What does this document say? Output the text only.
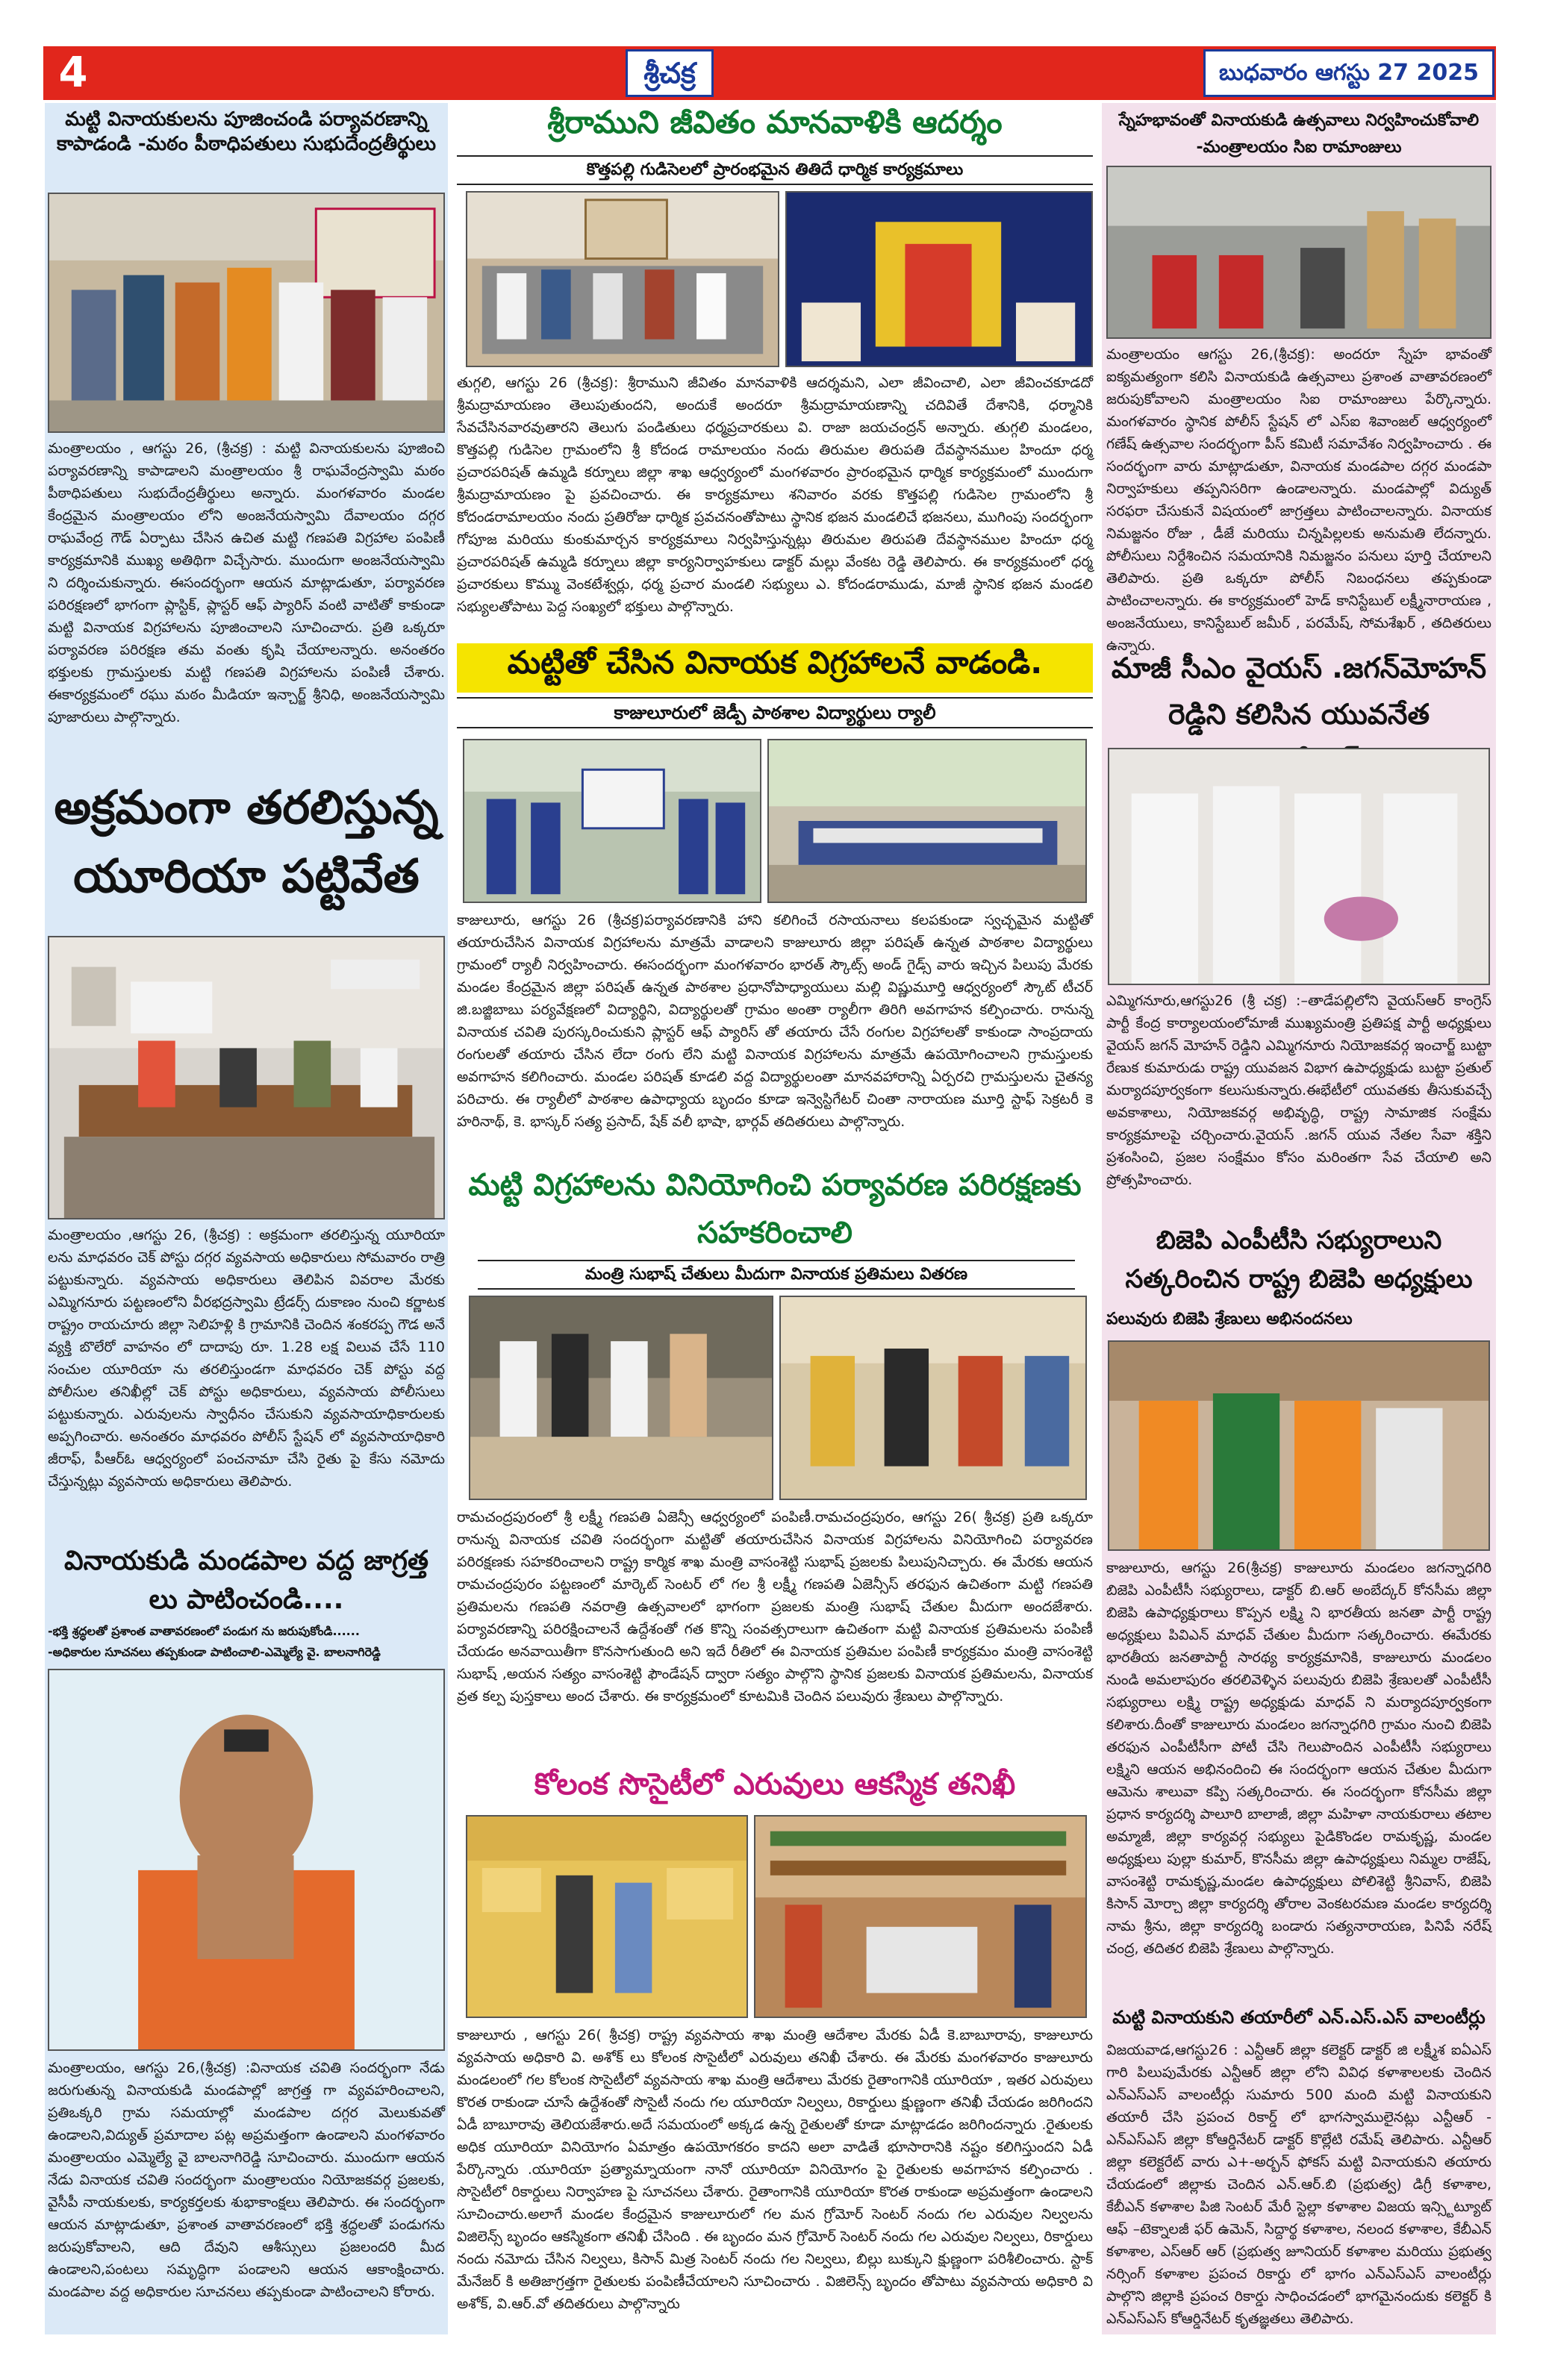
4	శ్రీచక్ర	బుధవారం ఆగస్టు 27 2025
మట్టి వినాయకులను పూజించండి పర్యావరణాన్ని కాపాడండి -మఠం పీఠాధిపతులు సుభుదేంద్రతీర్థులు
మంత్రాలయం , ఆగస్టు 26, (శ్రీచక్ర) : మట్టి వినాయకులను పూజించి పర్యావరణాన్ని కాపాడాలని మంత్రాలయం శ్రీ రాఘవేంద్రస్వామి మఠం పీఠాధిపతులు సుభుదేంద్రతీర్థులు అన్నారు. మంగళవారం మండల కేంద్రమైన మంత్రాలయం లోని అంజనేయస్వామి దేవాలయం దగ్గర రాఘవేంద్ర గౌడ్ ఏర్పాటు చేసిన ఉచిత మట్టి గణపతి విగ్రహాల పంపిణీ కార్యక్రమానికి ముఖ్య అతిథిగా విచ్చేసారు. ముందుగా అంజనేయస్వామి ని దర్శించుకున్నారు. ఈసందర్భంగా ఆయన మాట్లాడుతూ, పర్యావరణ పరిరక్షణలో భాగంగా ప్లాస్టిక్, ప్లాస్టర్ ఆఫ్ ప్యారిస్ వంటి వాటితో కాకుండా మట్టి వినాయక విగ్రహాలను పూజించాలని సూచించారు. ప్రతి ఒక్కరూ పర్యావరణ పరిరక్షణ తమ వంతు కృషి చేయాలన్నారు. అనంతరం భక్తులకు గ్రామస్తులకు మట్టి గణపతి విగ్రహాలను పంపిణీ చేశారు. ఈకార్యక్రమంలో రఘు మఠం మీడియా ఇన్చార్జ్ శ్రీనిధి, అంజనేయస్వామి పూజారులు పాల్గొన్నారు.
అక్రమంగా తరలిస్తున్న యూరియా పట్టివేత
మంత్రాలయం ,ఆగస్టు 26, (శ్రీచక్ర) : అక్రమంగా తరలిస్తున్న యూరియా లను మాధవరం చెక్ పోస్టు దగ్గర వ్యవసాయ అధికారులు సోమవారం రాత్రి పట్టుకున్నారు. వ్యవసాయ అధికారులు తెలిపిన వివరాల మేరకు ఎమ్మిగనూరు పట్టణంలోని వీరభద్రస్వామి ట్రేడర్స్ దుకాణం నుంచి కర్ణాటక రాష్ట్రం రాయచూరు జిల్లా సెలిహళ్లి కి గ్రామానికి చెందిన శంకరప్ప గౌడ అనే వ్యక్తి బొలేరో వాహనం లో దాదాపు రూ. 1.28 లక్ష విలువ చేసే 110 సంచుల యూరియా ను తరలిస్తుండగా మాధవరం చెక్ పోస్టు వద్ద పోలీసుల తనిఖీల్లో చెక్ పోస్టు అధికారులు, వ్యవసాయ పోలీసులు పట్టుకున్నారు. ఎరువులను స్వాధీనం చేసుకుని వ్యవసాయాధికారులకు అప్పగించారు. అనంతరం మాధవరం పోలీస్ స్టేషన్ లో వ్యవసాయాధికారి జీరాఫ్, పీఆర్ఓ ఆధ్వర్యంలో పంచనామా చేసి రైతు పై కేసు నమోదు చేస్తున్నట్లు వ్యవసాయ అధికారులు తెలిపారు.
వినాయకుడి మండపాల వద్ద జాగ్రత్త లు పాటించండి....
-భక్తి శ్రద్ధలతో ప్రశాంత వాతావరణంలో పండుగ ను జరుపుకోండి......
-అధికారుల సూచనలు తప్పకుండా పాటించాలి-ఎమ్మెల్యే వై. బాలనాగిరెడ్డి
మంత్రాలయం, ఆగస్టు 26,(శ్రీచక్ర) :వినాయక చవితి సందర్భంగా నేడు జరుగుతున్న వినాయకుడి మండపాల్లో జాగ్రత్త గా వ్యవహరించాలని, ప్రతిఒక్కరి గ్రామ సమయాల్లో మండపాల దగ్గర మెలుకువతో ఉండాలని,విద్యుత్ ప్రమాదాల పట్ల అప్రమత్తంగా ఉండాలని మంగళవారం మంత్రాలయం ఎమ్మెల్యే వై బాలనాగిరెడ్డి సూచించారు. ముందుగా ఆయన నేడు వినాయక చవితి సందర్భంగా మంత్రాలయం నియోజకవర్గ ప్రజలకు, వైసీపీ నాయకులకు, కార్యకర్తలకు శుభాకాంక్షలు తెలిపారు. ఈ సందర్భంగా ఆయన మాట్లాడుతూ, ప్రశాంత వాతావరణంలో భక్తి శ్రద్ధలతో పండుగను జరుపుకోవాలని, ఆది దేవుని ఆశీస్సులు ప్రజలందరి మీద ఉండాలని,పంటలు సమృద్ధిగా పండాలని ఆయన ఆకాంక్షించారు. మండపాల వద్ద అధికారుల సూచనలు తప్పకుండా పాటించాలని కోరారు.
శ్రీరాముని జీవితం మానవాళికి ఆదర్శం
కొత్తపల్లి గుడిసెలలో ప్రారంభమైన తితిదే ధార్మిక కార్యక్రమాలు
తుగ్గలి, ఆగస్టు 26 (శ్రీచక్ర): శ్రీరాముని జీవితం మానవాళికి ఆదర్శమని, ఎలా జీవించాలి, ఎలా జీవించకూడదో శ్రీమద్రామాయణం తెలుపుతుందని, అందుకే అందరూ శ్రీమద్రామాయణాన్ని చదివితే దేశానికి, ధర్మానికి సేవచేసినవారవుతారని తెలుగు పండితులు ధర్మప్రచారకులు వి. రాజా జయచంద్రన్ అన్నారు. తుగ్గలి మండలం, కొత్తపల్లి గుడిసెల గ్రామంలోని శ్రీ కోదండ రామాలయం నందు తిరుమల తిరుపతి దేవస్థానముల హిందూ ధర్మ ప్రచారపరిషత్ ఉమ్మడి కర్నూలు జిల్లా శాఖ ఆధ్వర్యంలో మంగళవారం ప్రారంభమైన ధార్మిక కార్యక్రమంలో ముందుగా శ్రీమద్రామాయణం పై ప్రవచించారు. ఈ కార్యక్రమాలు శనివారం వరకు కొత్తపల్లి గుడిసెల గ్రామంలోని శ్రీ కోదండరామాలయం నందు ప్రతిరోజు ధార్మిక ప్రవచనంతోపాటు స్థానిక భజన మండలిచే భజనలు, ముగింపు సందర్భంగా గోపూజ మరియు కుంకుమార్చన కార్యక్రమాలు నిర్వహిస్తున్నట్లు తిరుమల తిరుపతి దేవస్థానముల హిందూ ధర్మ ప్రచారపరిషత్ ఉమ్మడి కర్నూలు జిల్లా కార్యనిర్వాహకులు డాక్టర్ మల్లు వేంకట రెడ్డి తెలిపారు. ఈ కార్యక్రమంలో ధర్మ ప్రచారకులు కొమ్ము వెంకటేశ్వర్లు, ధర్మ ప్రచార మండలి సభ్యులు ఎ. కోదండరాముడు, మాజీ స్థానిక భజన మండలి సభ్యులతోపాటు పెద్ద సంఖ్యలో భక్తులు పాల్గొన్నారు.
మట్టితో చేసిన వినాయక విగ్రహాలనే వాడండి.
కాజులూరులో జెడ్పీ పాఠశాల విద్యార్థులు ర్యాలీ
కాజులూరు, ఆగస్టు 26 (శ్రీచక్ర)పర్యావరణానికి హాని కలిగించే రసాయనాలు కలపకుండా స్వచ్ఛమైన మట్టితో తయారుచేసిన వినాయక విగ్రహాలను మాత్రమే వాడాలని కాజులూరు జిల్లా పరిషత్ ఉన్నత పాఠశాల విద్యార్థులు గ్రామంలో ర్యాలీ నిర్వహించారు. ఈసందర్భంగా మంగళవారం భారత్ స్కౌట్స్ అండ్ గైడ్స్ వారు ఇచ్చిన పిలుపు మేరకు మండల కేంద్రమైన జిల్లా పరిషత్ ఉన్నత పాఠశాల ప్రధానోపాధ్యాయులు మల్లి విష్ణుమూర్తి ఆధ్వర్యంలో స్కౌట్ టీచర్ జి.బజ్జిబాబు పర్యవేక్షణలో విద్యార్థిని, విద్యార్థులతో గ్రామం అంతా ర్యాలీగా తిరిగి అవగాహన కల్పించారు. రానున్న వినాయక చవితి పురస్కరించుకుని ప్లాస్టర్ ఆఫ్ ప్యారిస్ తో తయారు చేసే రంగుల విగ్రహాలతో కాకుండా సాంప్రదాయ రంగులతో తయారు చేసిన లేదా రంగు లేని మట్టి వినాయక విగ్రహాలను మాత్రమే ఉపయోగించాలని గ్రామస్తులకు అవగాహన కలిగించారు. మండల పరిషత్ కూడలి వద్ద విద్యార్థులంతా మానవహారాన్ని ఏర్పరచి గ్రామస్తులను చైతన్య పరిచారు. ఈ ర్యాలీలో పాఠశాల ఉపాధ్యాయ బృందం కూడా ఇన్వెస్టిగేటర్ చింతా నారాయణ మూర్తి స్టాఫ్ సెక్రటరీ కె హరినాథ్, కె. భాస్కర్ సత్య ప్రసాద్, షేక్ వలీ భాషా, భార్గవ్ తదితరులు పాల్గొన్నారు.
మట్టి విగ్రహాలను వినియోగించి పర్యావరణ పరిరక్షణకు సహకరించాలి
మంత్రి సుభాష్ చేతులు మీదుగా వినాయక ప్రతిమలు వితరణ
రామచంద్రపురంలో శ్రీ లక్ష్మీ గణపతి ఏజెన్సీ ఆధ్వర్యంలో పంపిణీ.రామచంద్రపురం, ఆగస్టు 26( శ్రీచక్ర) ప్రతి ఒక్కరూ రానున్న వినాయక చవితి సందర్భంగా మట్టితో తయారుచేసిన వినాయక విగ్రహాలను వినియోగించి పర్యావరణ పరిరక్షణకు సహకరించాలని రాష్ట్ర కార్మిక శాఖ మంత్రి వాసంశెట్టి సుభాష్ ప్రజలకు పిలుపునిచ్చారు. ఈ మేరకు ఆయన రామచంద్రపురం పట్టణంలో మార్కెట్ సెంటర్ లో గల శ్రీ లక్ష్మీ గణపతి ఏజెన్సీస్ తరఫున ఉచితంగా మట్టి గణపతి ప్రతిమలను గణపతి నవరాత్రి ఉత్సవాలలో భాగంగా ప్రజలకు మంత్రి సుభాష్ చేతుల మీదుగా అందజేశారు. పర్యావరణాన్ని పరిరక్షించాలనే ఉద్దేశంతో గత కొన్ని సంవత్సరాలుగా ఉచితంగా మట్టి వినాయక ప్రతిమలను పంపిణీ చేయడం అనవాయితీగా కొనసాగుతుంది అని ఇదే రీతిలో ఈ వినాయక ప్రతిమల పంపిణీ కార్యక్రమం మంత్రి వాసంశెట్టి సుభాష్ ,అయన సత్యం వాసంశెట్టి ఫౌండేషన్ ద్వారా సత్యం పాల్గొని స్థానిక ప్రజలకు వినాయక ప్రతిమలను, వినాయక వ్రత కల్ప పుస్తకాలు అంద చేశారు. ఈ కార్యక్రమంలో కూటమికి చెందిన పలువురు శ్రేణులు పాల్గొన్నారు.
కోలంక సొసైటీలో ఎరువులు ఆకస్మిక తనిఖీ
కాజులూరు , ఆగస్టు 26( శ్రీచక్ర) రాష్ట్ర వ్యవసాయ శాఖ మంత్రి ఆదేశాల మేరకు ఏడీ కె.బాబూరావు, కాజులూరు వ్యవసాయ అధికారి వి. అశోక్ లు కోలంక సొసైటీలో ఎరువులు తనిఖీ చేశారు. ఈ మేరకు మంగళవారం కాజులూరు మండలంలో గల కోలంక సొసైటీలో వ్యవసాయ శాఖ మంత్రి ఆదేశాలు మేరకు రైతాంగానికి యూరియా , ఇతర ఎరువులు కొరత రాకుండా చూసే ఉద్దేశంతో సొసైటీ నందు గల యూరియా నిల్వలు, రికార్డులు క్షుణ్ణంగా తనిఖీ చేయడం జరిగిందని ఏడీ బాబూరావు తెలియజేశారు.అదే సమయంలో అక్కడ ఉన్న రైతులతో కూడా మాట్లాడడం జరిగిందన్నారు .రైతులకు అధిక యూరియా వినియోగం ఏమాత్రం ఉపయోగకరం కాదని అలా వాడితే భూసారానికి నష్టం కలిగిస్తుందని ఏడీ పేర్కొన్నారు .యూరియా ప్రత్యామ్నాయంగా నానో యూరియా వినియోగం పై రైతులకు అవగాహన కల్పించారు . సొసైటీలో రికార్డులు నిర్వాహణ పై సూచనలు చేశారు. రైతాంగానికి యూరియా కొరత రాకుండా అప్రమత్తంగా ఉండాలని సూచించారు.అలాగే మండల కేంద్రమైన కాజులూరులో గల మన గ్రోమోర్ సెంటర్ నందు గల ఎరువుల నిల్వలను విజిలెన్స్ బృందం ఆకస్మికంగా తనిఖీ చేసింది . ఈ బృందం మన గ్రోమోర్ సెంటర్ నందు గల ఎరువుల నిల్వలు, రికార్డులు నందు నమోదు చేసిన నిల్వలు, కిసాన్ మిత్ర సెంటర్ నందు గల నిల్వలు, బిల్లు బుక్కుని క్షుణ్ణంగా పరిశీలించారు. స్టాక్ మేనేజర్ కి అతిజాగ్రత్తగా రైతులకు పంపిణీచేయాలని సూచించారు . విజిలెన్స్ బృందం తోపాటు వ్యవసాయ అధికారి వి అశోక్, వి.ఆర్.వో తదితరులు పాల్గొన్నారు
స్నేహభావంతో వినాయకుడి ఉత్సవాలు నిర్వహించుకోవాలి -మంత్రాలయం సిఐ రామాంజులు
మంత్రాలయం ఆగస్టు 26,(శ్రీచక్ర): అందరూ స్నేహ భావంతో ఐక్యమత్యంగా కలిసి వినాయకుడి ఉత్సవాలు ప్రశాంత వాతావరణంలో జరుపుకోవాలని మంత్రాలయం సిఐ రామాంజులు పేర్కొన్నారు. మంగళవారం స్థానిక పోలీస్ స్టేషన్ లో ఎస్ఐ శివాంజల్ ఆధ్వర్యంలో గణేష్ ఉత్సవాల సందర్భంగా పీస్ కమిటీ సమావేశం నిర్వహించారు . ఈ సందర్భంగా వారు మాట్లాడుతూ, వినాయక మండపాల దగ్గర మండపా నిర్వాహకులు తప్పనిసరిగా ఉండాలన్నారు. మండపాల్లో విద్యుత్ సరఫరా చేసుకునే విషయంలో జాగ్రత్తలు పాటించాలన్నారు. వినాయక నిమజ్జనం రోజు , డీజే మరియు చిన్నపిల్లలకు అనుమతి లేదన్నారు. పోలీసులు నిర్దేశించిన సమయానికి నిమజ్జనం పనులు పూర్తి చేయాలని తెలిపారు. ప్రతి ఒక్కరూ పోలీస్ నిబంధనలు తప్పకుండా పాటించాలన్నారు. ఈ కార్యక్రమంలో హెడ్ కానిస్టేబుల్ లక్ష్మీనారాయణ , అంజనేయులు, కానిస్టేబుల్ జమీర్ , పరమేష్, సోమశేఖర్ , తదితరులు ఉన్నారు.
మాజీ సీఎం వైయస్ .జగన్‌మోహన్ రెడ్డిని కలిసిన యువనేత
ఎమ్మిగనూరు,ఆగస్టు26 (శ్రీ చక్ర) :–తాడేపల్లిలోని వైయస్ఆర్ కాంగ్రెస్ పార్టీ కేంద్ర కార్యాలయంలోమాజీ ముఖ్యమంత్రి ప్రతిపక్ష పార్టీ అధ్యక్షులు వైయస్ జగన్ మోహన్ రెడ్డిని ఎమ్మిగనూరు నియోజకవర్గ ఇంచార్జ్ బుట్టా రేణుక కుమారుడు రాష్ట్ర యువజన విభాగ ఉపాధ్యక్షుడు బుట్టా ప్రతుల్ మర్యాదపూర్వకంగా కలుసుకున్నారు.ఈభేటీలో యువతకు తీసుకువచ్చే అవకాశాలు, నియోజకవర్గ అభివృద్ధి, రాష్ట్ర సామాజిక సంక్షేమ కార్యక్రమాలపై చర్చించారు.వైయస్ .జగన్ యువ నేతల సేవా శక్తిని ప్రశంసించి, ప్రజల సంక్షేమం కోసం మరింతగా సేవ చేయాలి అని ప్రోత్సహించారు.
బిజెపి ఎంపీటీసి సభ్యురాలుని సత్కరించిన రాష్ట్ర బిజెపి అధ్యక్షులు
పలువురు బిజెపి శ్రేణులు అభినందనలు
కాజులూరు, ఆగస్టు 26(శ్రీచక్ర) కాజులూరు మండలం జగన్నాధగిరి బిజెపి ఎంపీటీసీ సభ్యురాలు, డాక్టర్ బి.ఆర్ అంబేద్కర్ కోనసీమ జిల్లా బిజెపి ఉపాధ్యక్షురాలు కొప్పన లక్ష్మి ని భారతీయ జనతా పార్టీ రాష్ట్ర అధ్యక్షులు పివిఎన్ మాధవ్ చేతుల మీదుగా సత్కరించారు. ఈమేరకు భారతీయ జనతాపార్టీ సారథ్య కార్యక్రమానికి, కాజులూరు మండలం నుండి అమలాపురం తరలివెళ్ళిన పలువురు బిజెపి శ్రేణులతో ఎంపీటీసీ సభ్యురాలు లక్ష్మి రాష్ట్ర అధ్యక్షుడు మాధవ్ ని మర్యాదపూర్వకంగా కలిశారు.దీంతో కాజులూరు మండలం జగన్నాధగిరి గ్రామం నుంచి బిజెపి తరఫున ఎంపీటీసీగా పోటీ చేసి గెలుపొందిన ఎంపీటీసీ సభ్యురాలు లక్ష్మిని ఆయన అభినందించి ఈ సందర్భంగా ఆయన చేతుల మీదుగా ఆమెను శాలువా కప్పి సత్కరించారు. ఈ సందర్భంగా కోనసీమ జిల్లా ప్రధాన కార్యదర్శి పాలూరి బాలాజీ, జిల్లా మహిళా నాయకురాలు తటాల అమ్మాజీ, జిల్లా కార్యవర్గ సభ్యులు పైడికొండల రామకృష్ణ, మండల అధ్యక్షులు పుల్లా కుమార్, కొనసీమ జిల్లా ఉపాధ్యక్షులు నిమ్మల రాజేష్, వాసంశెట్టి రామకృష్ణ,మండల ఉపాధ్యక్షులు పోలిశెట్టి శ్రీనివాస్, బిజెపి కిసాన్ మోర్చా జిల్లా కార్యదర్శి తోరాల వెంకటరమణ మండల కార్యదర్శి నామ శ్రీను, జిల్లా కార్యదర్శి బండారు సత్యనారాయణ, పినిపే నరేష్ చంద్ర, తదితర బిజెపి శ్రేణులు పాల్గొన్నారు.
మట్టి వినాయకుని తయారీలో ఎన్.ఎస్.ఎస్ వాలంటీర్లు
విజయవాడ,ఆగస్టు26 : ఎన్టీఆర్ జిల్లా కలెక్టర్ డాక్టర్ జి లక్ష్మీశ ఐఏఎస్ గారి పిలుపుమేరకు ఎన్టీఆర్ జిల్లా లోని వివిధ కళాశాలలకు చెందిన ఎన్ఎస్ఎస్ వాలంటీర్లు సుమారు 500 మంది మట్టి వినాయకుని తయారీ చేసి ప్రపంచ రికార్డ్ లో భాగస్వాములైనట్లు ఎన్టీఆర్ - ఎన్ఎస్ఎస్ జిల్లా కోఆర్డినేటర్ డాక్టర్ కొల్లేటి రమేష్ తెలిపారు. ఎన్టీఆర్ జిల్లా కలెక్టరేట్ వారు ఎ+-అర్బన్ ఫోకస్ మట్టి వినాయకుని తయారు చేయడంలో జిల్లాకు చెందిన ఎన్.ఆర్.బి (ప్రభుత్వ) డిగ్రీ కళాశాల, కేబీఎన్ కళాశాల పిజి సెంటర్ మేరీ స్టెల్లా కళాశాల విజయ ఇన్స్టిట్యూట్ ఆఫ్ –టెక్నాలజీ ఫర్ ఉమెన్, సిద్దార్థ కళాశాల, నలంద కళాశాల, కేబీఎన్ కళాశాల, ఎస్ఆర్ ఆర్ (ప్రభుత్వ జూనియర్ కళాశాల మరియు ప్రభుత్వ నర్సింగ్ కళాశాల ప్రపంచ రికార్డు లో భాగం ఎన్ఎస్ఎస్ వాలంటీర్లు పాల్గొని జిల్లాకి ప్రపంచ రికార్డు సాధించడంలో భాగమైనందుకు కలెక్టర్ కి ఎన్ఎస్ఎస్ కోఆర్డినేటర్ కృతజ్ఞతలు తెలిపారు.
